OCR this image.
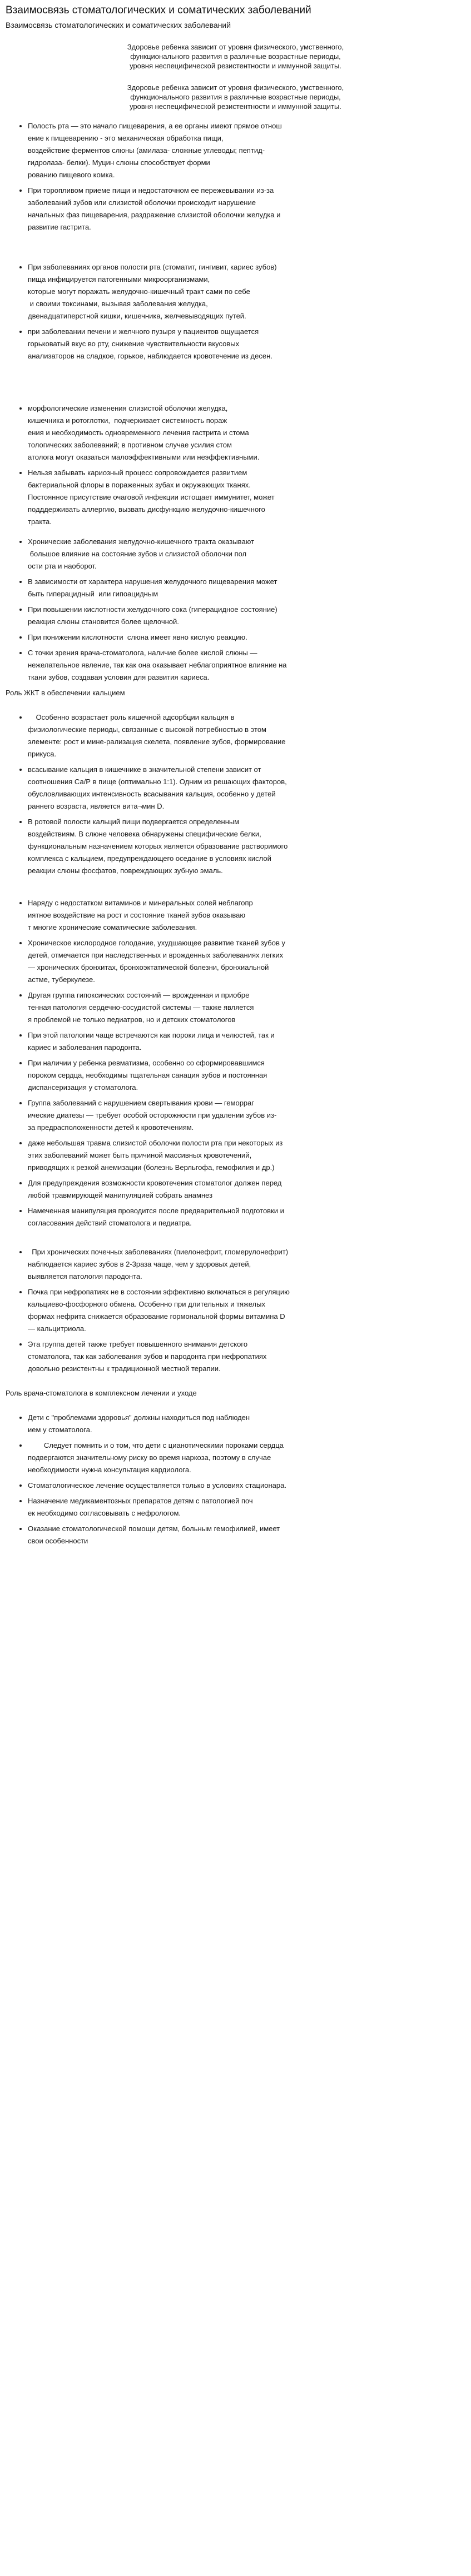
Взаимосвязь стоматологических и соматических заболеваний
Взаимосвязь стоматологических и соматических заболеваний
Здоровье ребенка зависит от уровня физического, умственного,
функционального развития в различные возрастные периоды,
уровня неспецифической резистентности и иммунной защиты.
Здоровье ребенка зависит от уровня физического, умственного,
функционального развития в различные возрастные периоды,
уровня неспецифической резистентности и иммунной защиты.
• Полость рта — это начало пищеварения, а ее органы имеют прямое отнош
ение к пищеварению - это механическая обработка пищи,
воздействие ферментов слюны (амилаза- сложные углеводы; пептид-
гидролаза- белки). Муцин слюны способствует форми
рованию пищевого комка.
• При торопливом приеме пищи и недостаточном ее пережевывании из-за
заболеваний зубов или слизистой оболочки происходит нарушение
начальных фаз пищеварения, раздражение слизистой оболочки желудка и
развитие гастрита.
• При заболеваниях органов полости рта (стоматит, гингивит, кариес зубов)
пища инфицируется патогенными микроорганизмами,
которые могут поражать желудочно-кишечный тракт сами по себе
и своими токсинами, вызывая заболевания желудка,
двенадцатиперстной кишки, кишечника, желчевыводящих путей.
• при заболевании печени и желчного пузыря у пациентов ощущается
горьковатый вкус во рту, снижение чувствительности вкусовых
анализаторов на сладкое, горькое, наблюдается кровотечение из десен.
• морфологические изменения слизистой оболочки желудка,
кишечника и ротоглотки,  подчеркивает системность пораж
ения и необходимость одновременного лечения гастрита и стома
тологических заболеваний; в противном случае усилия стом
атолога могут оказаться малоэффективными или неэффективными.
• Нельзя забывать кариозный процесс сопровождается развитием
бактериальной флоры в пораженных зубах и окружающих тканях.
Постоянное присутствие очаговой инфекции истощает иммунитет, может
подддерживать аллергию, вызвать дисфункцию желудочно-кишечного
тракта.
• Хронические заболевания желудочно-кишечного тракта оказывают
большое влияние на состояние зубов и слизистой оболочки пол
ости рта и наоборот.
• В зависимости от характера нарушения желудочного пищеварения может
быть гиперацидный  или гипоацидным
• При повышении кислотности желудочного сока (гиперацидное состояние)
реакция слюны становится более щелочной.
• При понижении кислотности  слюна имеет явно кислую реакцию.
• С точки зрения врача-стоматолога, наличие более кислой слюны —
нежелательное явление, так как она оказывает неблагоприятное влияние на
ткани зубов, создавая условия для развития кариеса.
Роль ЖКТ в обеспечении кальцием
•     Особенно возрастает роль кишечной адсорбции кальция в
физиологические периоды, связанные с высокой потребностью в этом
элементе: рост и мине-рализация скелета, появление зубов, формирование
прикуса.
• всасывание кальция в кишечнике в значительной степени зависит от
соотношения Са/Р в пище (оптимально 1:1). Одним из решающих факторов,
обусловливающих интенсивность всасывания кальция, особенно у детей
раннего возраста, является вита¬мин D.
• В ротовой полости кальций пищи подвергается определенным
воздействиям. В слюне человека обнаружены специфические белки,
функциональным назначением которых является образование растворимого
комплекса с кальцием, предупреждающего оседание в условиях кислой
реакции слюны фосфатов, повреждающих зубную эмаль.
• Наряду с недостатком витаминов и минеральных солей неблагопр
иятное воздействие на рост и состояние тканей зубов оказываю
т многие хронические соматические заболевания.
• Хроническое кислородное голодание, ухудшающее развитие тканей зубов у
детей, отмечается при наследственных и врожденных заболеваниях легких
— хронических бронхитах, бронхоэктатической болезни, бронхиальной
астме, туберкулезе.
• Другая группа гипоксических состояний — врожденная и приобре
тенная патология сердечно-сосудистой системы — также является
я проблемой не только педиатров, но и детских стоматологов
• При этой патологии чаще встречаются как пороки лица и челюстей, так и
кариес и заболевания пародонта.
• При наличии у ребенка ревматизма, особенно со сформировавшимся
пороком сердца, необходимы тщательная санация зубов и постоянная
диспансеризация у стоматолога.
• Группа заболеваний с нарушением свертывания крови — геморраг
ические диатезы — требует особой осторожности при удалении зубов из-
за предрасположенности детей к кровотечениям.
• даже небольшая травма слизистой оболочки полости рта при некоторых из
этих заболеваний может быть причиной массивных кровотечений,
приводящих к резкой анемизации (болезнь Верльгофа, гемофилия и др.)
• Для предупреждения возможности кровотечения стоматолог должен перед
любой травмирующей манипуляцией собрать анамнез
• Намеченная манипуляция проводится после предварительной подготовки и
согласования действий стоматолога и педиатра.
•   При хронических почечных заболеваниях (пиелонефрит, гломерулонефрит)
наблюдается кариес зубов в 2-3раза чаще, чем у здоровых детей,
выявляется патология пародонта.
• Почка при нефропатиях не в состоянии эффективно включаться в регуляцию
кальциево-фосфорного обмена. Особенно при длительных и тяжелых
формах нефрита снижается образование гормональной формы витамина D
— кальцитриола.
• Эта группа детей также требует повышенного внимания детского
стоматолога, так как заболевания зубов и пародонта при нефропатиях
довольно резистентны к традиционной местной терапии.
Роль врача-стоматолога в комплексном лечении и уходе
• Дети с "проблемами здоровья" должны находиться под наблюден
ием у стоматолога.
•         Следует помнить и о том, что дети с цианотическими пороками сердца
подвергаются значительному риску во время наркоза, поэтому в случае
необходимости нужна консультация кардиолога.
• Стоматологическое лечение осуществляется только в условиях стационара.
• Назначение медикаментозных препаратов детям с патологией поч
ек необходимо согласовывать с нефрологом.
• Оказание стоматологической помощи детям, больным гемофилией, имеет
свои особенности
